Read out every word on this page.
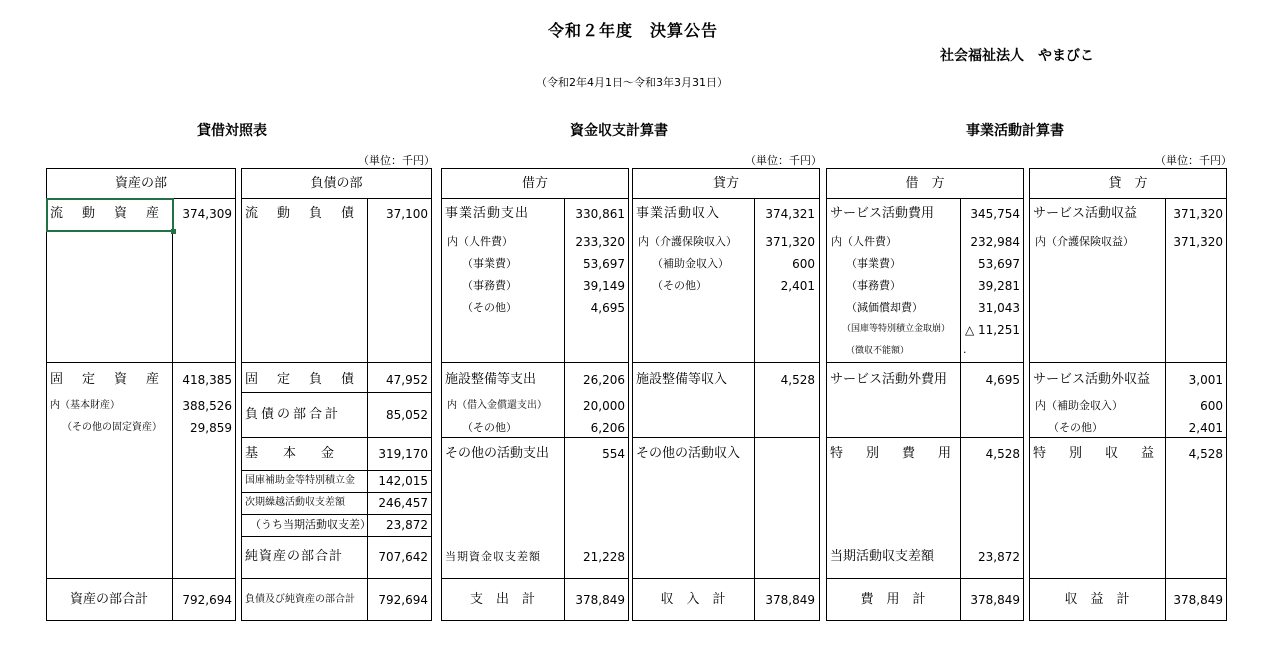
令和２年度　決算公告
社会福祉法人　やまびこ
（令和2年4月1日～令和3年3月31日）
貸借対照表	資金収支計算書	事業活動計算書
（単位：千円）	（単位：千円）	（単位：千円）
資産の部
流　動　資　産	374,309
固　定　資　産	418,385
内（基本財産）	388,526
（その他の固定資産）	29,859
資産の部合計	792,694
負債の部
流　動　負　債	37,100
固　定　負　債	47,952
負債の部合計	85,052
基　本　金	319,170
国庫補助金等特別積立金	142,015
次期繰越活動収支差額	246,457
（うち当期活動収支差）	23,872
純資産の部合計	707,642
負債及び純資産の部合計	792,694
借方
事業活動支出	330,861
内（人件費）	233,320
（事業費）	53,697
（事務費）	39,149
（その他）	4,695
施設整備等支出	26,206
内（借入金償還支出）	20,000
（その他）	6,206
その他の活動支出	554
当期資金収支差額	21,228
支　出　計	378,849
貸方
事業活動収入	374,321
内（介護保険収入）	371,320
（補助金収入）	600
（その他）	2,401
施設整備等収入	4,528
その他の活動収入
収　入　計	378,849
借　方
サービス活動費用	345,754
内（人件費）	232,984
（事業費）	53,697
（事務費）	39,281
（減価償却費）	31,043
（国庫等特別積立金取崩）	△ 11,251
（徴収不能額）	.
サービス活動外費用	4,695
特　別　費　用	4,528
当期活動収支差額	23,872
費　用　計	378,849
貸　方
サービス活動収益	371,320
内（介護保険収益）	371,320
サービス活動外収益	3,001
内（補助金収入）	600
（その他）	2,401
特　別　収　益	4,528
収　益　計	378,849
